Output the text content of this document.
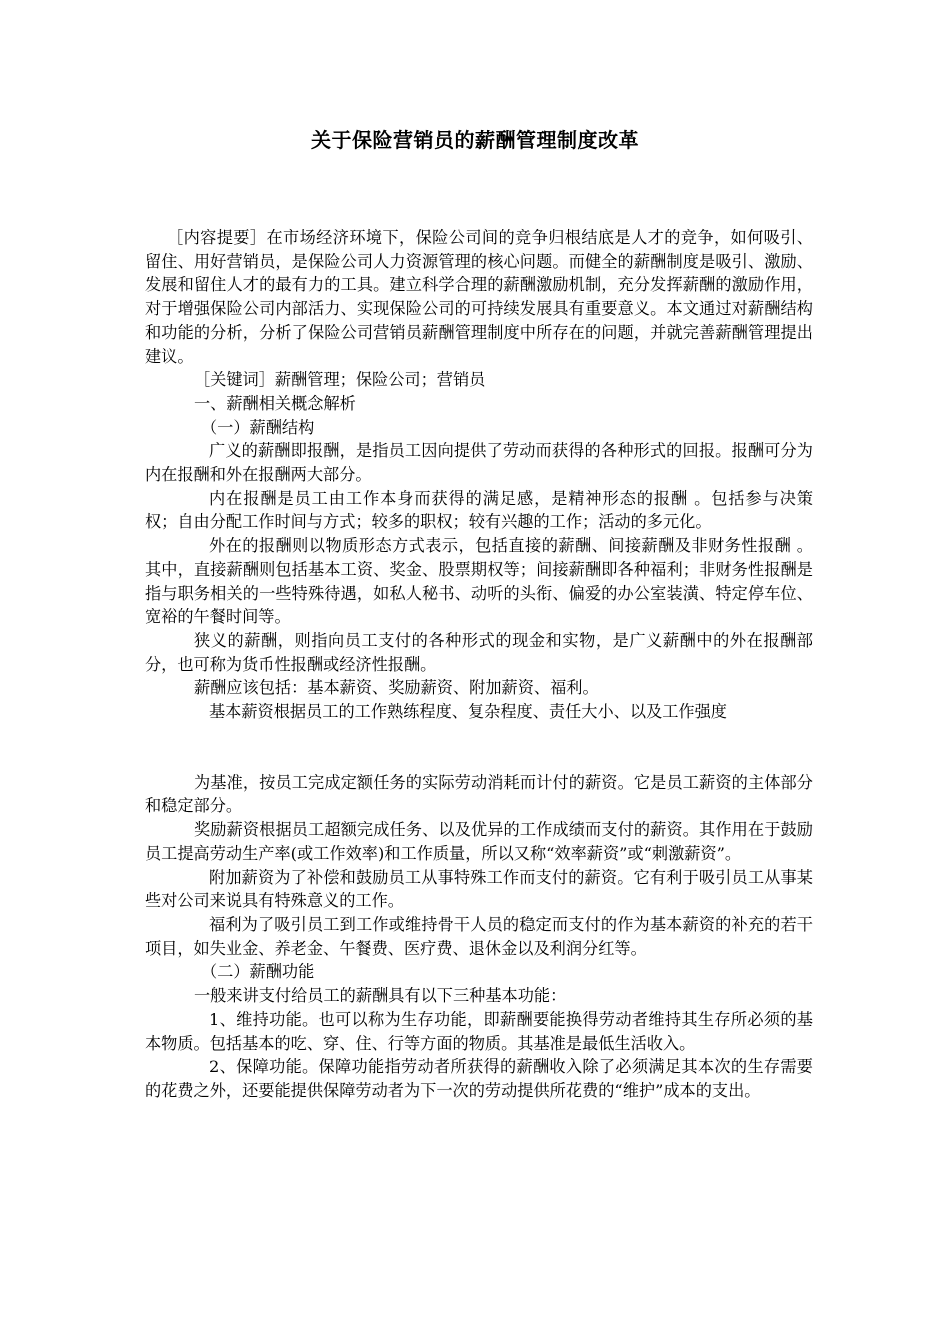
关于保险营销员的薪酬管理制度改革

［内容提要］在市场经济环境下，保险公司间的竞争归根结底是人才的竞争，如何吸引、留住、用好营销员，是保险公司人力资源管理的核心问题。而健全的薪酬制度是吸引、激励、发展和留住人才的最有力的工具。建立科学合理的薪酬激励机制，充分发挥薪酬的激励作用，对于增强保险公司内部活力、实现保险公司的可持续发展具有重要意义。本文通过对薪酬结构和功能的分析，分析了保险公司营销员薪酬管理制度中所存在的问题，并就完善薪酬管理提出建议。

［关键词］薪酬管理；保险公司；营销员

一、薪酬相关概念解析

（一）薪酬结构

广义的薪酬即报酬，是指员工因向提供了劳动而获得的各种形式的回报。报酬可分为内在报酬和外在报酬两大部分。

内在报酬是员工由工作本身而获得的满足感，是精神形态的报酬 。包括参与决策权；自由分配工作时间与方式；较多的职权；较有兴趣的工作；活动的多元化。

外在的报酬则以物质形态方式表示，包括直接的薪酬、间接薪酬及非财务性报酬 。其中，直接薪酬则包括基本工资、奖金、股票期权等；间接薪酬即各种福利；非财务性报酬是指与职务相关的一些特殊待遇，如私人秘书、动听的头衔、偏爱的办公室装潢、特定停车位、宽裕的午餐时间等。

狭义的薪酬，则指向员工支付的各种形式的现金和实物，是广义薪酬中的外在报酬部分，也可称为货币性报酬或经济性报酬。

薪酬应该包括：基本薪资、奖励薪资、附加薪资、福利。

基本薪资根据员工的工作熟练程度、复杂程度、责任大小、以及工作强度

为基准，按员工完成定额任务的实际劳动消耗而计付的薪资。它是员工薪资的主体部分和稳定部分。

奖励薪资根据员工超额完成任务、以及优异的工作成绩而支付的薪资。其作用在于鼓励员工提高劳动生产率(或工作效率)和工作质量，所以又称“效率薪资”或“刺激薪资”。

附加薪资为了补偿和鼓励员工从事特殊工作而支付的薪资。它有利于吸引员工从事某些对公司来说具有特殊意义的工作。

福利为了吸引员工到工作或维持骨干人员的稳定而支付的作为基本薪资的补充的若干项目，如失业金、养老金、午餐费、医疗费、退休金以及利润分红等。

（二）薪酬功能

一般来讲支付给员工的薪酬具有以下三种基本功能：

1、维持功能。也可以称为生存功能，即薪酬要能换得劳动者维持其生存所必须的基本物质。包括基本的吃、穿、住、行等方面的物质。其基准是最低生活收入。

2、保障功能。保障功能指劳动者所获得的薪酬收入除了必须满足其本次的生存需要的花费之外，还要能提供保障劳动者为下一次的劳动提供所花费的“维护”成本的支出。
